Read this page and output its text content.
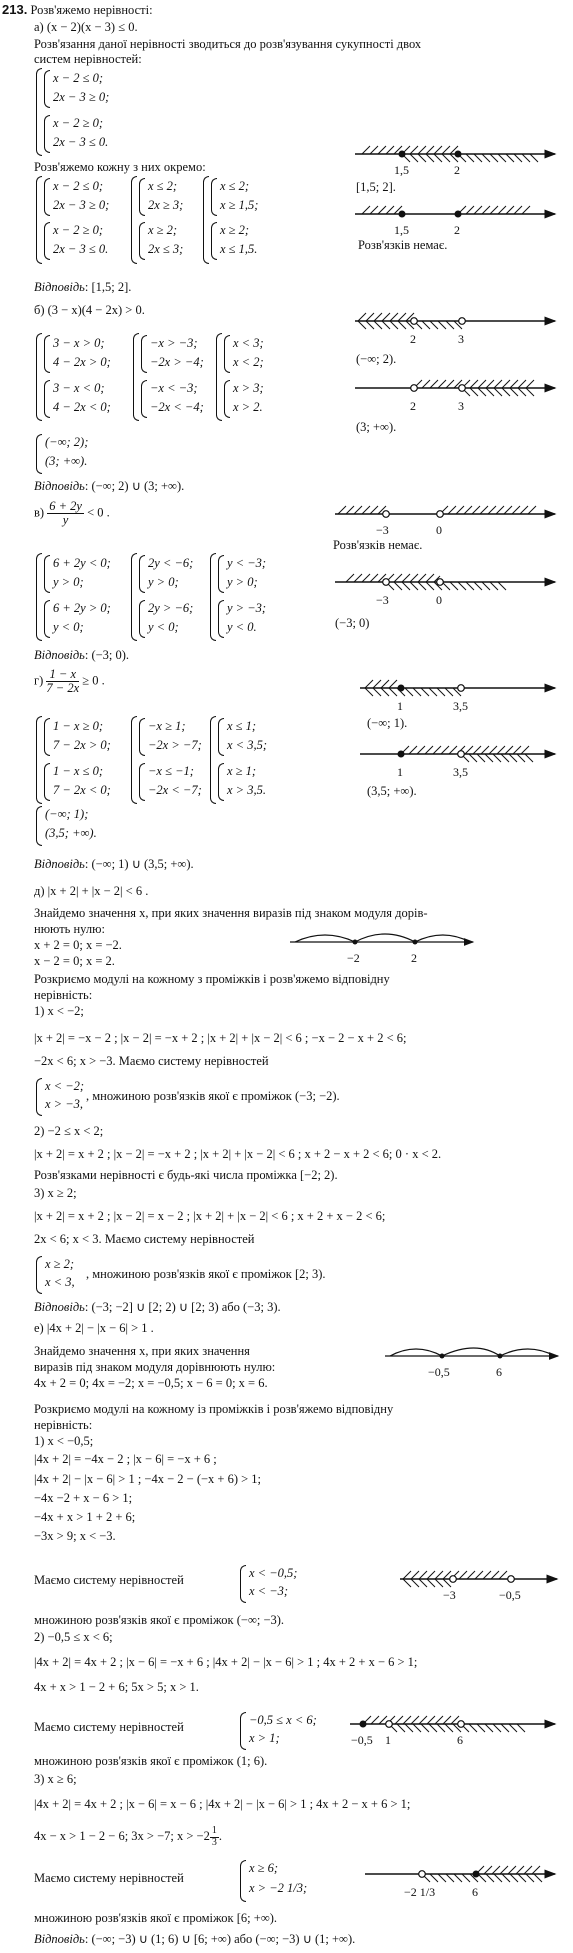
213. Розв'яжемо нерівності:
а) (x − 2)(x − 3) ≤ 0.
Розв'язання даної нерівності зводиться до розв'язування сукупності двох
систем нерівностей:
x − 2 ≤ 0;
2x − 3 ≥ 0;
x − 2 ≥ 0;
2x − 3 ≤ 0.
Розв'яжемо кожну з них окремо:
x − 2 ≤ 0;
2x − 3 ≥ 0;
x − 2 ≥ 0;
2x − 3 ≤ 0.
x ≤ 2;
2x ≥ 3;
x ≥ 2;
2x ≤ 3;
x ≤ 2;
x ≥ 1,5;
x ≥ 2;
x ≤ 1,5.
1,5	2
[1,5; 2].
1,5	2
Розв'язків немає.
Відповідь: [1,5; 2].
б) (3 − x)(4 − 2x) > 0.
3 − x > 0;
4 − 2x > 0;
3 − x < 0;
4 − 2x < 0;
−x > −3;
−2x > −4;
−x < −3;
−2x < −4;
x < 3;
x < 2;
x > 3;
x > 2.
2	3
(−∞; 2).
2	3
(3; +∞).
(−∞; 2);
(3; +∞).
Відповідь: (−∞; 2) ∪ (3; +∞).
$в) \frac{6 + 2y}{y} < 0$ .
6 + 2y < 0;
y > 0;
6 + 2y > 0;
y < 0;
2y < −6;
y > 0;
2y > −6;
y < 0;
y < −3;
y > 0;
y > −3;
y < 0.
−3	0
Розв'язків немає.
−3	0
(−3; 0)
Відповідь: (−3; 0).
$г) \frac{1 - x}{7 - 2x} \ge 0$ .
1 − x ≥ 0;
7 − 2x > 0;
1 − x ≤ 0;
7 − 2x < 0;
−x ≥ 1;
−2x > −7;
−x ≤ −1;
−2x < −7;
x ≤ 1;
x < 3,5;
x ≥ 1;
x > 3,5.
1	3,5
(−∞; 1).
1	3,5
(3,5; +∞).
(−∞; 1);
(3,5; +∞).
Відповідь: (−∞; 1) ∪ (3,5; +∞).
д) |x + 2| + |x − 2| < 6 .
Знайдемо значення x, при яких значення виразів під знаком модуля дорів-
нюють нулю:
x + 2 = 0; x = −2.
x − 2 = 0; x = 2.	−2	2
Розкриємо модулі на кожному з проміжків і розв'яжемо відповідну
нерівність:
1) x < −2;
|x + 2| = −x − 2 ; |x − 2| = −x + 2 ; |x + 2| + |x − 2| < 6 ; −x − 2 − x + 2 < 6;
−2x < 6; x > −3. Маємо систему нерівностей
x < −2;
x > −3,
, множиною розв'язків якої є проміжок (−3; −2).
2) −2 ≤ x < 2;
|x + 2| = x + 2 ; |x − 2| = −x + 2 ; |x + 2| + |x − 2| < 6 ; x + 2 − x + 2 < 6; 0 · x < 2.
Розв'язками нерівності є будь-які числа проміжка [−2; 2).
3) x ≥ 2;
|x + 2| = x + 2 ; |x − 2| = x − 2 ; |x + 2| + |x − 2| < 6 ; x + 2 + x − 2 < 6;
2x < 6; x < 3. Маємо систему нерівностей
x ≥ 2;
x < 3,
, множиною розв'язків якої є проміжок [2; 3).
Відповідь: (−3; −2] ∪ [2; 2) ∪ [2; 3) або (−3; 3).
е) |4x + 2| − |x − 6| > 1 .
Знайдемо значення x, при яких значення
виразів під знаком модуля дорівнюють нулю:
4x + 2 = 0; 4x = −2; x = −0,5; x − 6 = 0; x = 6.
−0,5	6
Розкриємо модулі на кожному із проміжків і розв'яжемо відповідну
нерівність:
1) x < −0,5;
|4x + 2| = −4x − 2 ; |x − 6| = −x + 6 ;
|4x + 2| − |x − 6| > 1 ; −4x − 2 − (−x + 6) > 1;
−4x −2 + x − 6 > 1;
−4x + x > 1 + 2 + 6;
−3x > 9; x < −3.
Маємо систему нерівностей	x < −0,5;
x < −3;	−3	−0,5
множиною розв'язків якої є проміжок (−∞; −3).
2) −0,5 ≤ x < 6;
|4x + 2| = 4x + 2 ; |x − 6| = −x + 6 ; |4x + 2| − |x − 6| > 1 ; 4x + 2 + x − 6 > 1;
4x + x > 1 − 2 + 6; 5x > 5; x > 1.
Маємо систему нерівностей	−0,5 ≤ x < 6;
x > 1;	−0,5 1	6
множиною розв'язків якої є проміжок (1; 6).
3) x ≥ 6;
|4x + 2| = 4x + 2 ; |x − 6| = x − 6 ; |4x + 2| − |x − 6| > 1 ; 4x + 2 − x + 6 > 1;
4x − x > 1 − 2 − 6; 3x > −7; $x > -2 \frac{1}{3}$ .
Маємо систему нерівностей
x ≥ 6;
x > −2 1/3;	−2 1/3	6
множиною розв'язків якої є проміжок [6; +∞).
Відповідь: (−∞; −3) ∪ (1; 6) ∪ [6; +∞) або (−∞; −3) ∪ (1; +∞).
